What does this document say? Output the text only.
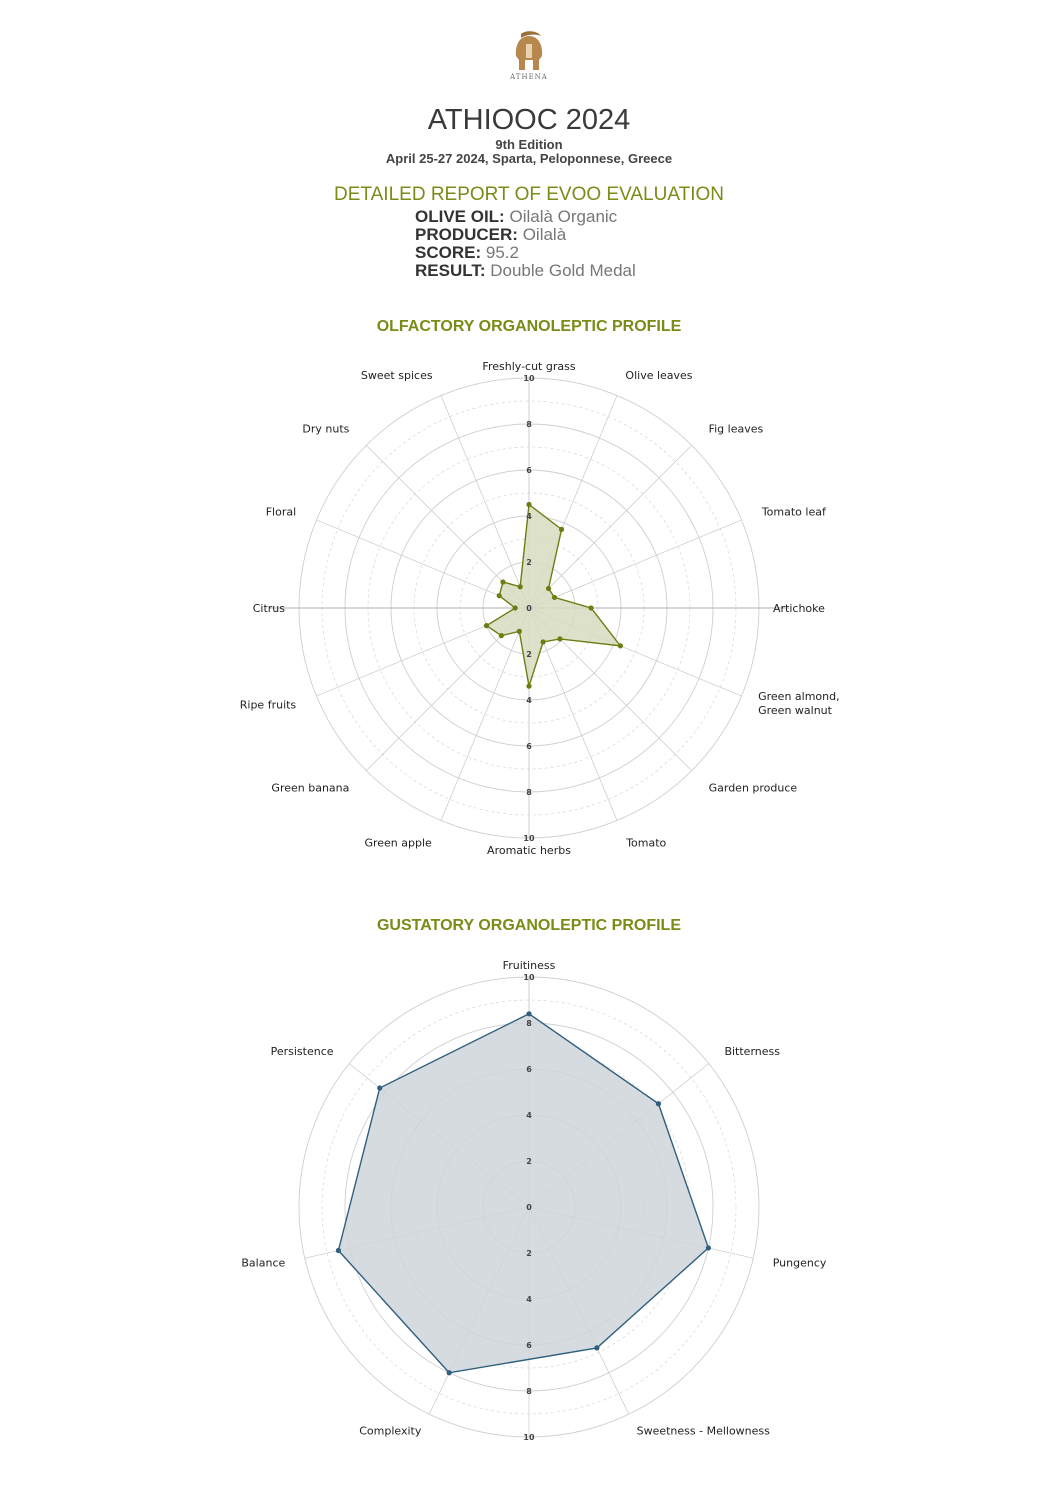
ATHENA
ATHIOOC 2024
9th Edition
April 25-27 2024, Sparta, Peloponnese, Greece
DETAILED REPORT OF EVOO EVALUATION
OLIVE OIL: Oilalà Organic
PRODUCER: Oilalà
SCORE: 95.2
RESULT: Double Gold Medal
OLFACTORY ORGANOLEPTIC PROFILE
0
2
2
4
4
6
6
8
8
10
10
Freshly-cut grass
Olive leaves
Fig leaves
Tomato leaf
Artichoke
Green almond, Green walnut
Garden produce
Tomato
Aromatic herbs
Green apple
Green banana
Ripe fruits
Citrus
Floral
Dry nuts
Sweet spices
GUSTATORY ORGANOLEPTIC PROFILE
0
2
2
4
4
6
6
8
8
10
10
Fruitiness
Bitterness
Pungency
Sweetness - Mellowness
Complexity
Balance
Persistence
